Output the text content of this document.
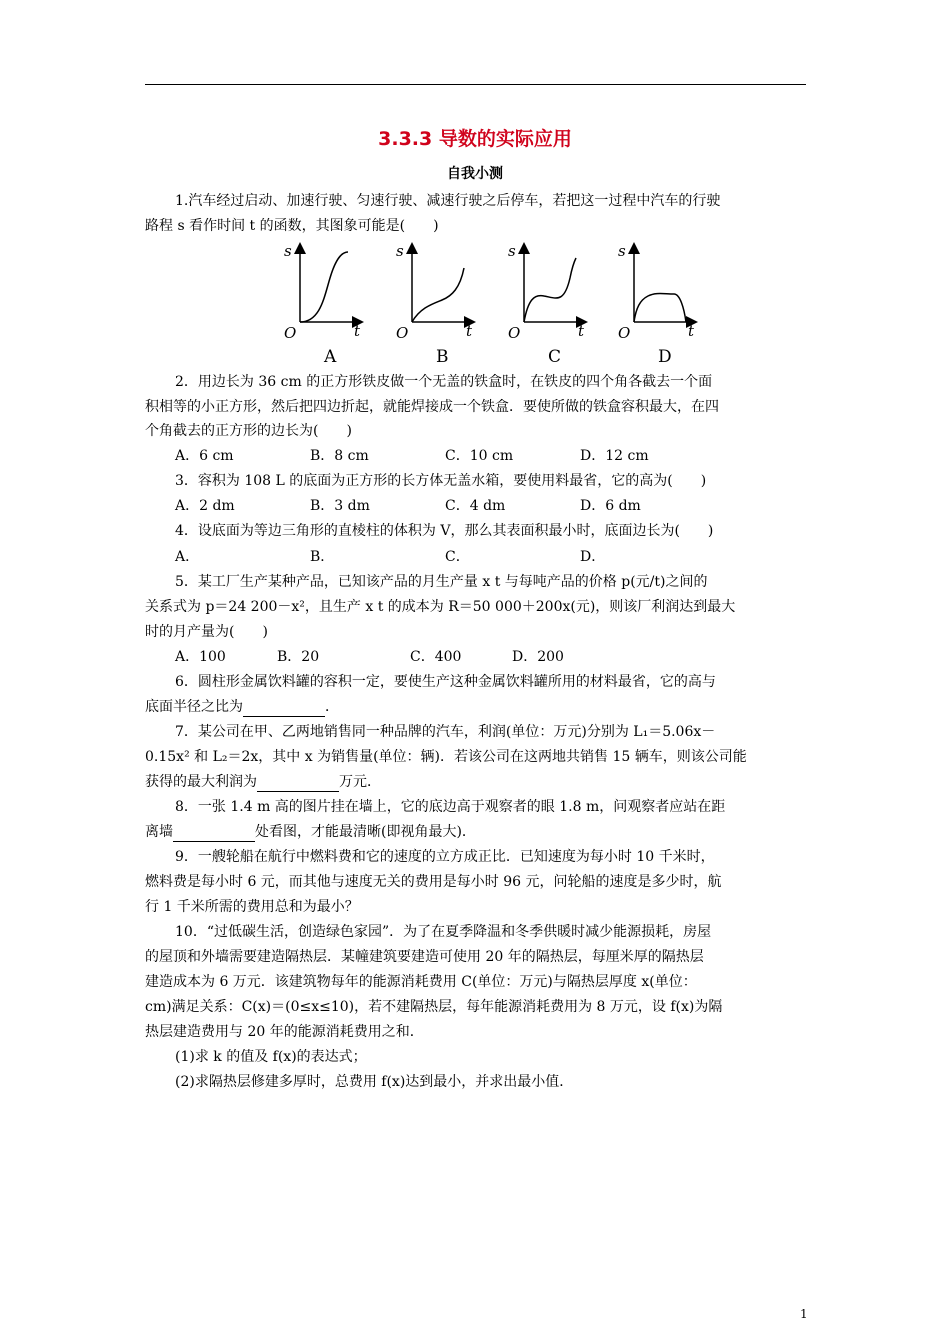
3.3.3 导数的实际应用
自我小测
1.汽车经过启动、加速行驶、匀速行驶、减速行驶之后停车，若把这一过程中汽车的行驶
路程 s 看作时间 t 的函数，其图象可能是(　　)
s
O	t
A
s
O	t
B
s
O	t
C
s
O	t
D
2．用边长为 36 cm 的正方形铁皮做一个无盖的铁盒时，在铁皮的四个角各截去一个面
积相等的小正方形，然后把四边折起，就能焊接成一个铁盒．要使所做的铁盒容积最大，在四
个角截去的正方形的边长为(　　)
A．6 cm	B．8 cm	C．10 cm	D．12 cm
3．容积为 108 L 的底面为正方形的长方体无盖水箱，要使用料最省，它的高为(　　)
A．2 dm	B．3 dm	C．4 dm	D．6 dm
4．设底面为等边三角形的直棱柱的体积为 V，那么其表面积最小时，底面边长为(　　)
A．	B．	C．	D．
5．某工厂生产某种产品，已知该产品的月生产量 x t 与每吨产品的价格 p(元/t)之间的
关系式为 p＝24 200－x²，且生产 x t 的成本为 R＝50 000＋200x(元)，则该厂利润达到最大
时的月产量为(　　)
A．100	B．20	C．400	D．200
6．圆柱形金属饮料罐的容积一定，要使生产这种金属饮料罐所用的材料最省，它的高与
底面半径之比为	．
7．某公司在甲、乙两地销售同一种品牌的汽车，利润(单位：万元)分别为 L₁＝5.06x－
0.15x² 和 L₂＝2x，其中 x 为销售量(单位：辆)．若该公司在这两地共销售 15 辆车，则该公司能
获得的最大利润为	万元．
8．一张 1.4 m 高的图片挂在墙上，它的底边高于观察者的眼 1.8 m，问观察者应站在距
离墙	处看图，才能最清晰(即视角最大)．
9．一艘轮船在航行中燃料费和它的速度的立方成正比．已知速度为每小时 10 千米时，
燃料费是每小时 6 元，而其他与速度无关的费用是每小时 96 元，问轮船的速度是多少时，航
行 1 千米所需的费用总和为最小？
10．“过低碳生活，创造绿色家园”．为了在夏季降温和冬季供暖时减少能源损耗，房屋
的屋顶和外墙需要建造隔热层．某幢建筑要建造可使用 20 年的隔热层，每厘米厚的隔热层
建造成本为 6 万元．该建筑物每年的能源消耗费用 C(单位：万元)与隔热层厚度 x(单位：
cm)满足关系：C(x)＝(0≤x≤10)，若不建隔热层，每年能源消耗费用为 8 万元，设 f(x)为隔
热层建造费用与 20 年的能源消耗费用之和．
(1)求 k 的值及 f(x)的表达式；
(2)求隔热层修建多厚时，总费用 f(x)达到最小，并求出最小值．
1
